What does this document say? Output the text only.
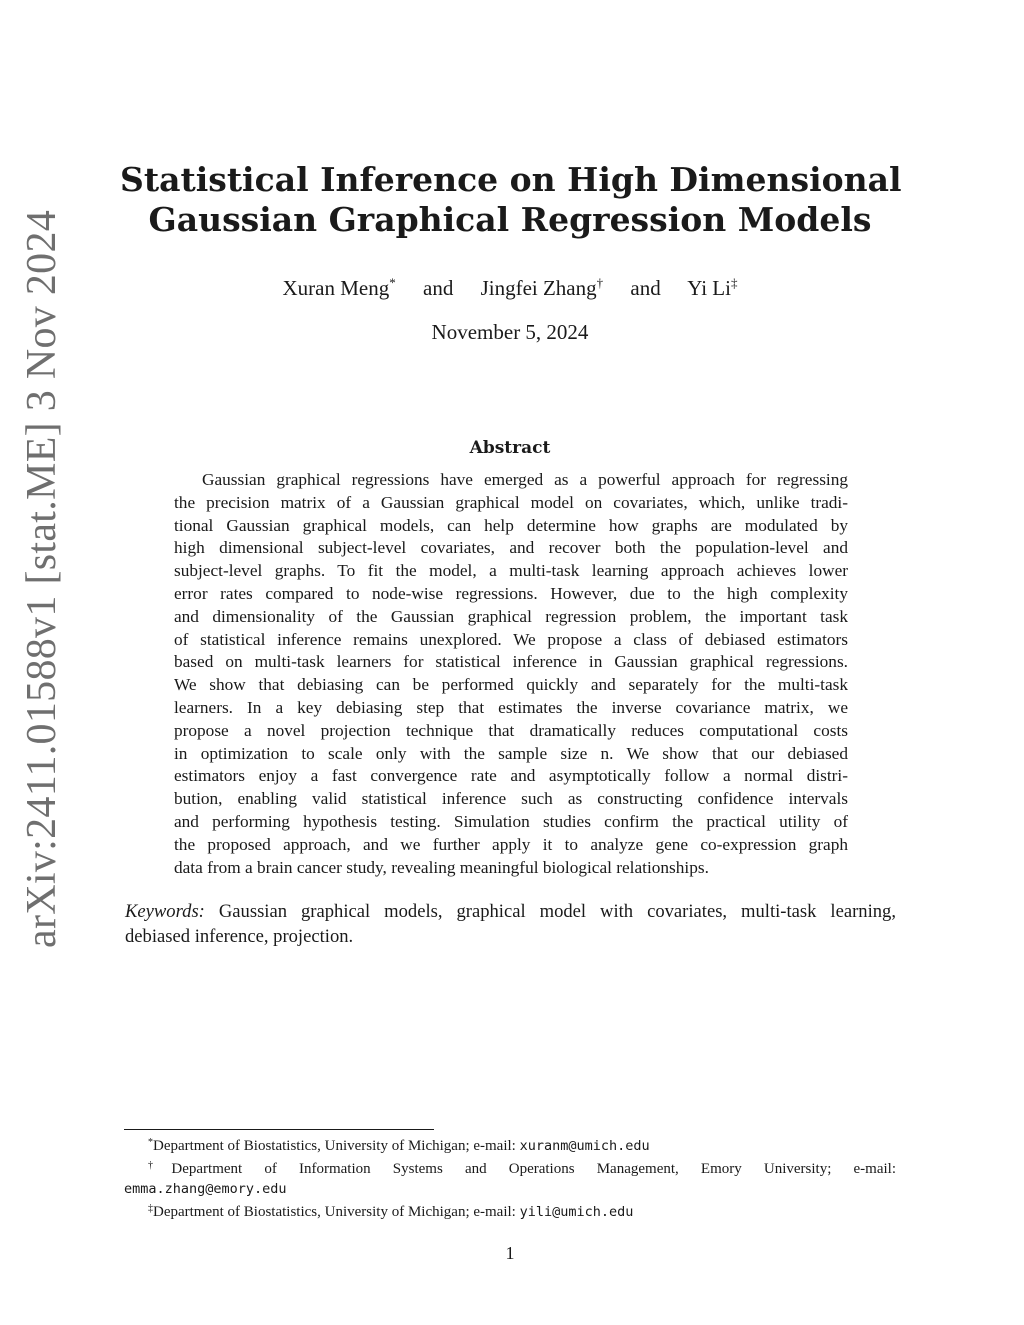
arXiv:2411.01588v1 [stat.ME] 3 Nov 2024
Statistical Inference on High Dimensional
Gaussian Graphical Regression Models
Xuran Meng* and Jingfei Zhang† and Yi Li‡
November 5, 2024
Abstract
Gaussian graphical regressions have emerged as a powerful approach for regressing
the precision matrix of a Gaussian graphical model on covariates, which, unlike tradi-
tional Gaussian graphical models, can help determine how graphs are modulated by
high dimensional subject-level covariates, and recover both the population-level and
subject-level graphs. To fit the model, a multi-task learning approach achieves lower
error rates compared to node-wise regressions. However, due to the high complexity
and dimensionality of the Gaussian graphical regression problem, the important task
of statistical inference remains unexplored. We propose a class of debiased estimators
based on multi-task learners for statistical inference in Gaussian graphical regressions.
We show that debiasing can be performed quickly and separately for the multi-task
learners. In a key debiasing step that estimates the inverse covariance matrix, we
propose a novel projection technique that dramatically reduces computational costs
in optimization to scale only with the sample size n. We show that our debiased
estimators enjoy a fast convergence rate and asymptotically follow a normal distri-
bution, enabling valid statistical inference such as constructing confidence intervals
and performing hypothesis testing. Simulation studies confirm the practical utility of
the proposed approach, and we further apply it to analyze gene co-expression graph
data from a brain cancer study, revealing meaningful biological relationships.
Keywords: Gaussian graphical models, graphical model with covariates, multi-task learning,
debiased inference, projection.
*Department of Biostatistics, University of Michigan; e-mail: xuranm@umich.edu
†Department of Information Systems and Operations Management, Emory University; e-mail:
emma.zhang@emory.edu
‡Department of Biostatistics, University of Michigan; e-mail: yili@umich.edu
1
